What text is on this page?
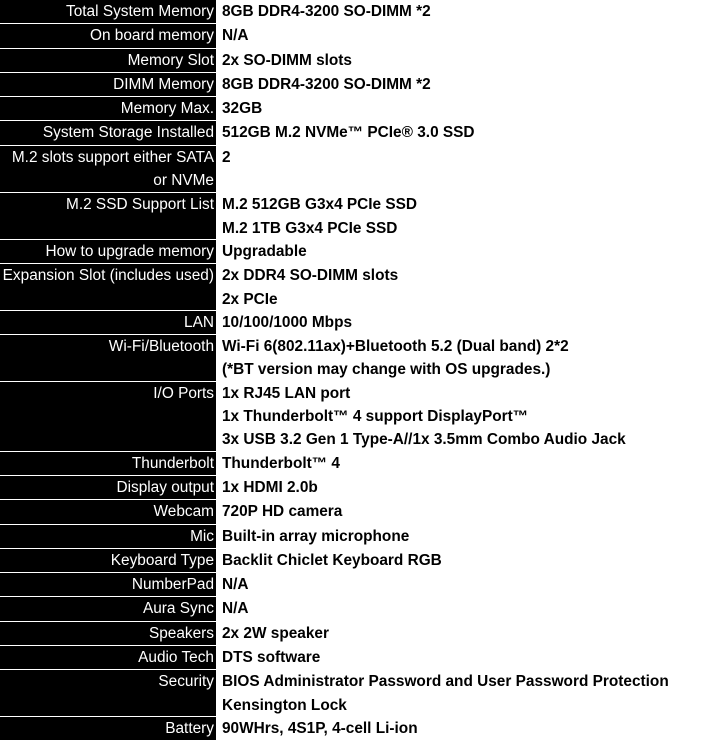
Total System Memory 8GB DDR4-3200 SO-DIMM *2
On board memory N/A
Memory Slot 2x SO-DIMM slots
DIMM Memory 8GB DDR4-3200 SO-DIMM *2
Memory Max. 32GB
System Storage Installed 512GB M.2 NVMe™ PCIe® 3.0 SSD
M.2 slots support either SATA
or NVMe
2
M.2 SSD Support List M.2 512GB G3x4 PCIe SSD
M.2 1TB G3x4 PCIe SSD
How to upgrade memory Upgradable
Expansion Slot (includes used) 2x DDR4 SO-DIMM slots
2x PCIe
LAN 10/100/1000 Mbps
Wi-Fi/Bluetooth Wi-Fi 6(802.11ax)+Bluetooth 5.2 (Dual band) 2*2
(*BT version may change with OS upgrades.)
I/O Ports 1x RJ45 LAN port
1x Thunderbolt™ 4 support DisplayPort™
3x USB 3.2 Gen 1 Type-A//1x 3.5mm Combo Audio Jack
Thunderbolt Thunderbolt™ 4
Display output 1x HDMI 2.0b
Webcam 720P HD camera
Mic Built-in array microphone
Keyboard Type Backlit Chiclet Keyboard RGB
NumberPad N/A
Aura Sync N/A
Speakers 2x 2W speaker
Audio Tech DTS software
Security BIOS Administrator Password and User Password Protection
Kensington Lock
Battery 90WHrs, 4S1P, 4-cell Li-ion
